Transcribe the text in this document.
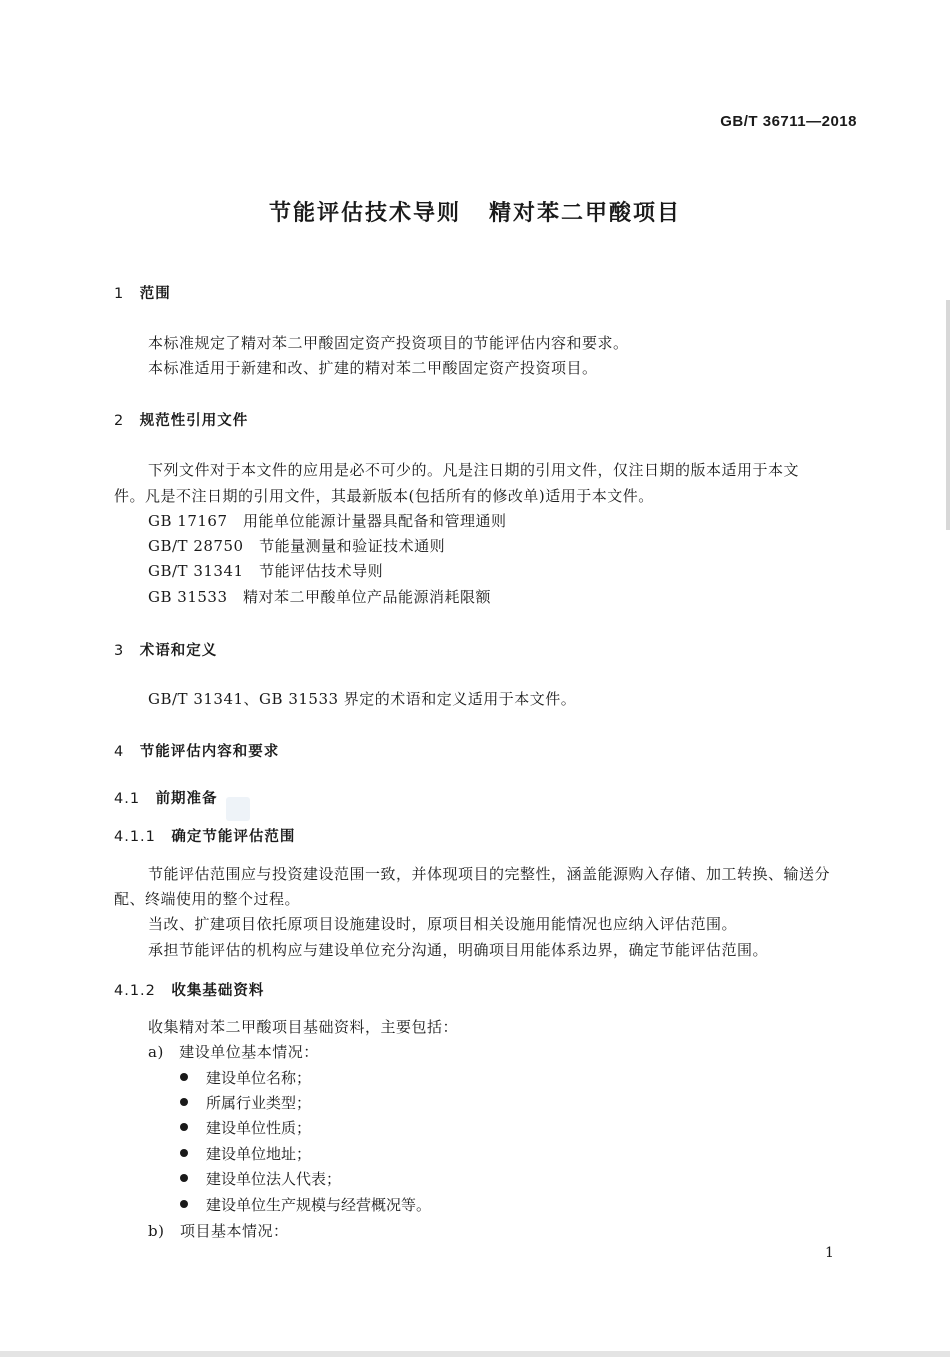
GB/T 36711—2018
节能评估技术导则 精对苯二甲酸项目
1　 范围
本标准规定了精对苯二甲酸固定资产投资项目的节能评估内容和要求。
本标准适用于新建和改、扩建的精对苯二甲酸固定资产投资项目。
2　 规范性引用文件
下列文件对于本文件的应用是必不可少的。凡是注日期的引用文件，仅注日期的版本适用于本文
件。凡是不注日期的引用文件，其最新版本(包括所有的修改单)适用于本文件。
GB 17167　 用能单位能源计量器具配备和管理通则
GB/T 28750　 节能量测量和验证技术通则
GB/T 31341　 节能评估技术导则
GB 31533　 精对苯二甲酸单位产品能源消耗限额
3　 术语和定义
GB/T 31341、GB 31533 界定的术语和定义适用于本文件。
4　 节能评估内容和要求
4.1　 前期准备
4.1.1　 确定节能评估范围
节能评估范围应与投资建设范围一致，并体现项目的完整性，涵盖能源购入存储、加工转换、输送分
配、终端使用的整个过程。
当改、扩建项目依托原项目设施建设时，原项目相关设施用能情况也应纳入评估范围。
承担节能评估的机构应与建设单位充分沟通，明确项目用能体系边界，确定节能评估范围。
4.1.2　 收集基础资料
收集精对苯二甲酸项目基础资料，主要包括：
a)　建设单位基本情况：
建设单位名称；
所属行业类型；
建设单位性质；
建设单位地址；
建设单位法人代表；
建设单位生产规模与经营概况等。
b)　项目基本情况：
1
